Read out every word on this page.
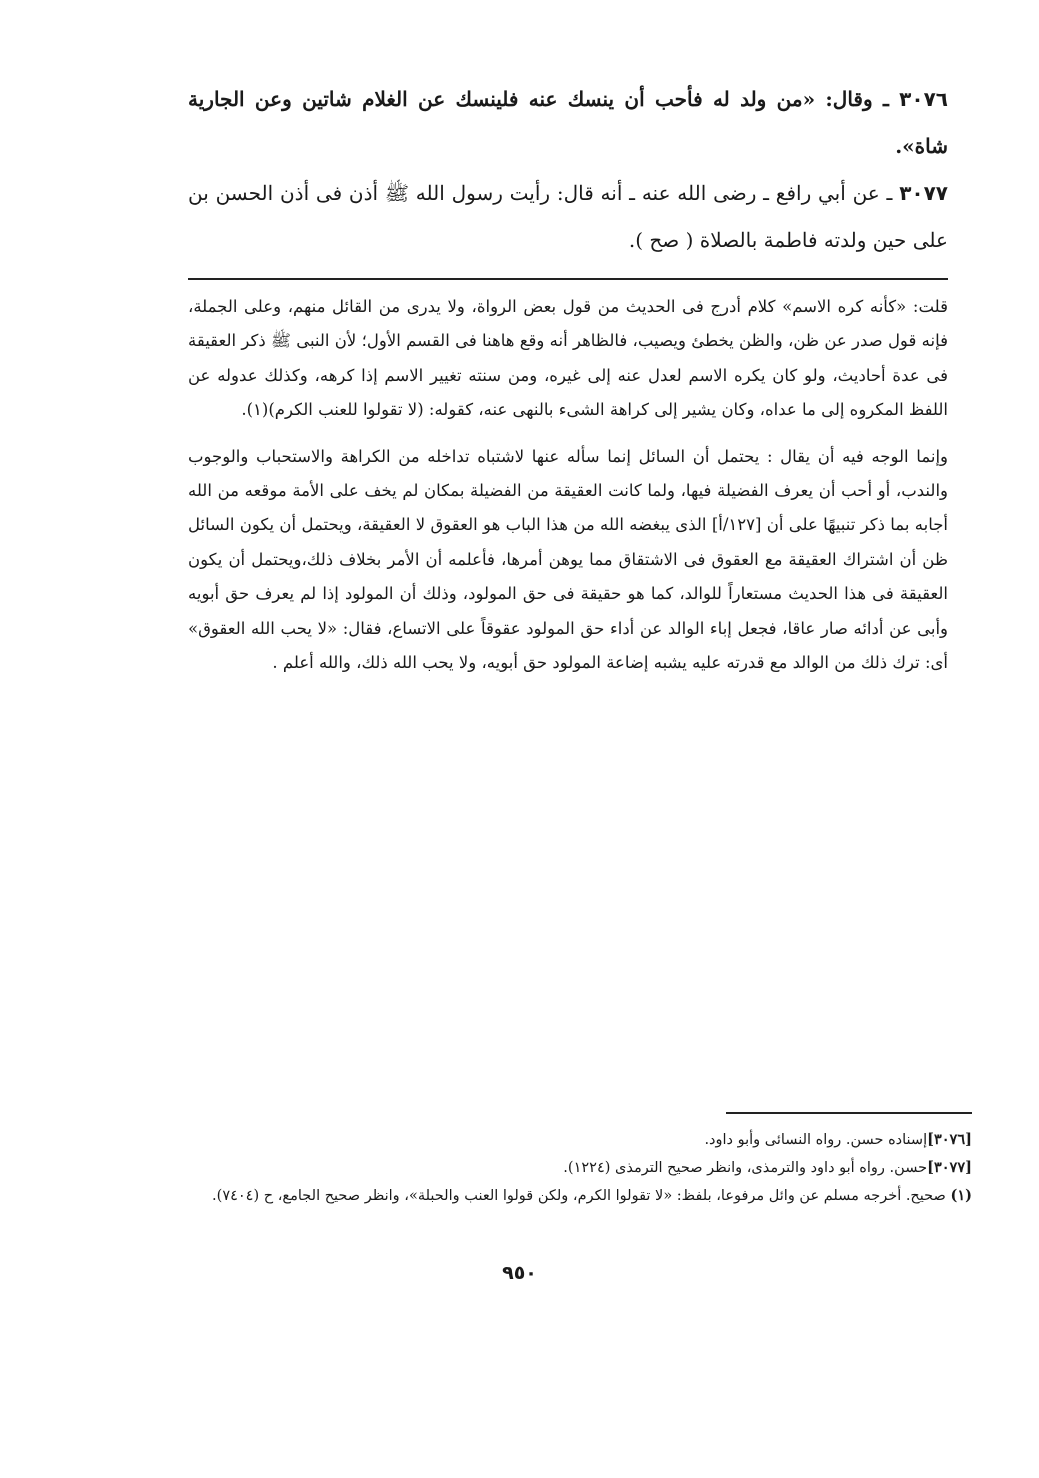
٣٠٧٦ ـ وقال: «من ولد له فأحب أن ينسك عنه فلينسك عن الغلام شاتين وعن الجارية شاة».

٣٠٧٧ ـ عن أبي رافع ـ رضى الله عنه ـ أنه قال: رأيت رسول الله ﷺ أذن فى أذن الحسن بن على حين ولدته فاطمة بالصلاة ( صح ).

قلت: «كأنه كره الاسم» كلام أدرج فى الحديث من قول بعض الرواة، ولا يدرى من القائل منهم، وعلى الجملة، فإنه قول صدر عن ظن، والظن يخطئ ويصيب، فالظاهر أنه وقع هاهنا فى القسم الأول؛ لأن النبى ﷺ ذكر العقيقة فى عدة أحاديث، ولو كان يكره الاسم لعدل عنه إلى غيره، ومن سنته تغيير الاسم إذا كرهه، وكذلك عدوله عن اللفظ المكروه إلى ما عداه، وكان يشير إلى كراهة الشىء بالنهى عنه، كقوله: (لا تقولوا للعنب الكرم)(١).

وإنما الوجه فيه أن يقال : يحتمل أن السائل إنما سأله عنها لاشتباه تداخله من الكراهة والاستحباب والوجوب والندب، أو أحب أن يعرف الفضيلة فيها، ولما كانت العقيقة من الفضيلة بمكان لم يخف على الأمة موقعه من الله أجابه بما ذكر تنبيهًا على أن [١٢٧/أ] الذى يبغضه الله من هذا الباب هو العقوق لا العقيقة، ويحتمل أن يكون السائل ظن أن اشتراك العقيقة مع العقوق فى الاشتقاق مما يوهن أمرها، فأعلمه أن الأمر بخلاف ذلك،ويحتمل أن يكون العقيقة فى هذا الحديث مستعاراً للوالد، كما هو حقيقة فى حق المولود، وذلك أن المولود إذا لم يعرف حق أبويه وأبى عن أدائه صار عاقا، فجعل إباء الوالد عن أداء حق المولود عقوقاً على الاتساع، فقال: «لا يحب الله العقوق» أى: ترك ذلك من الوالد مع قدرته عليه يشبه إضاعة المولود حق أبويه، ولا يحب الله ذلك، والله أعلم .

[٣٠٧٦]إسناده حسن. رواه النسائى وأبو داود.

[٣٠٧٧]حسن. رواه أبو داود والترمذى، وانظر صحيح الترمذى (١٢٢٤).

(١) صحيح. أخرجه مسلم عن وائل مرفوعا، بلفظ: «لا تقولوا الكرم، ولكن قولوا العنب والحبلة»، وانظر صحيح الجامع، ح (٧٤٠٤).

٩٥٠
